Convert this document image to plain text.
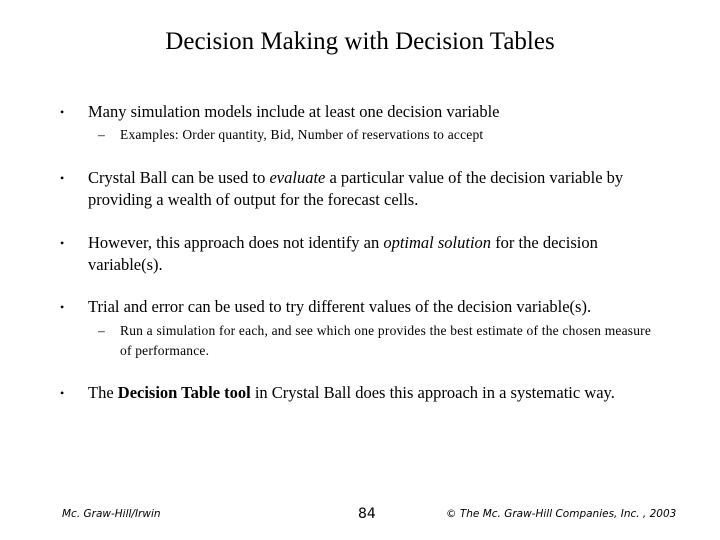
Decision Making with Decision Tables
• Many simulation models include at least one decision variable
– Examples: Order quantity, Bid, Number of reservations to accept
• Crystal Ball can be used to evaluate a particular value of the decision variable by providing a wealth of output for the forecast cells.
• However, this approach does not identify an optimal solution for the decision variable(s).
• Trial and error can be used to try different values of the decision variable(s).
– Run a simulation for each, and see which one provides the best estimate of the chosen measure of performance.
• The Decision Table tool in Crystal Ball does this approach in a systematic way.
Mc. Graw-Hill/Irwin	84	© The Mc. Graw-Hill Companies, Inc. , 2003
